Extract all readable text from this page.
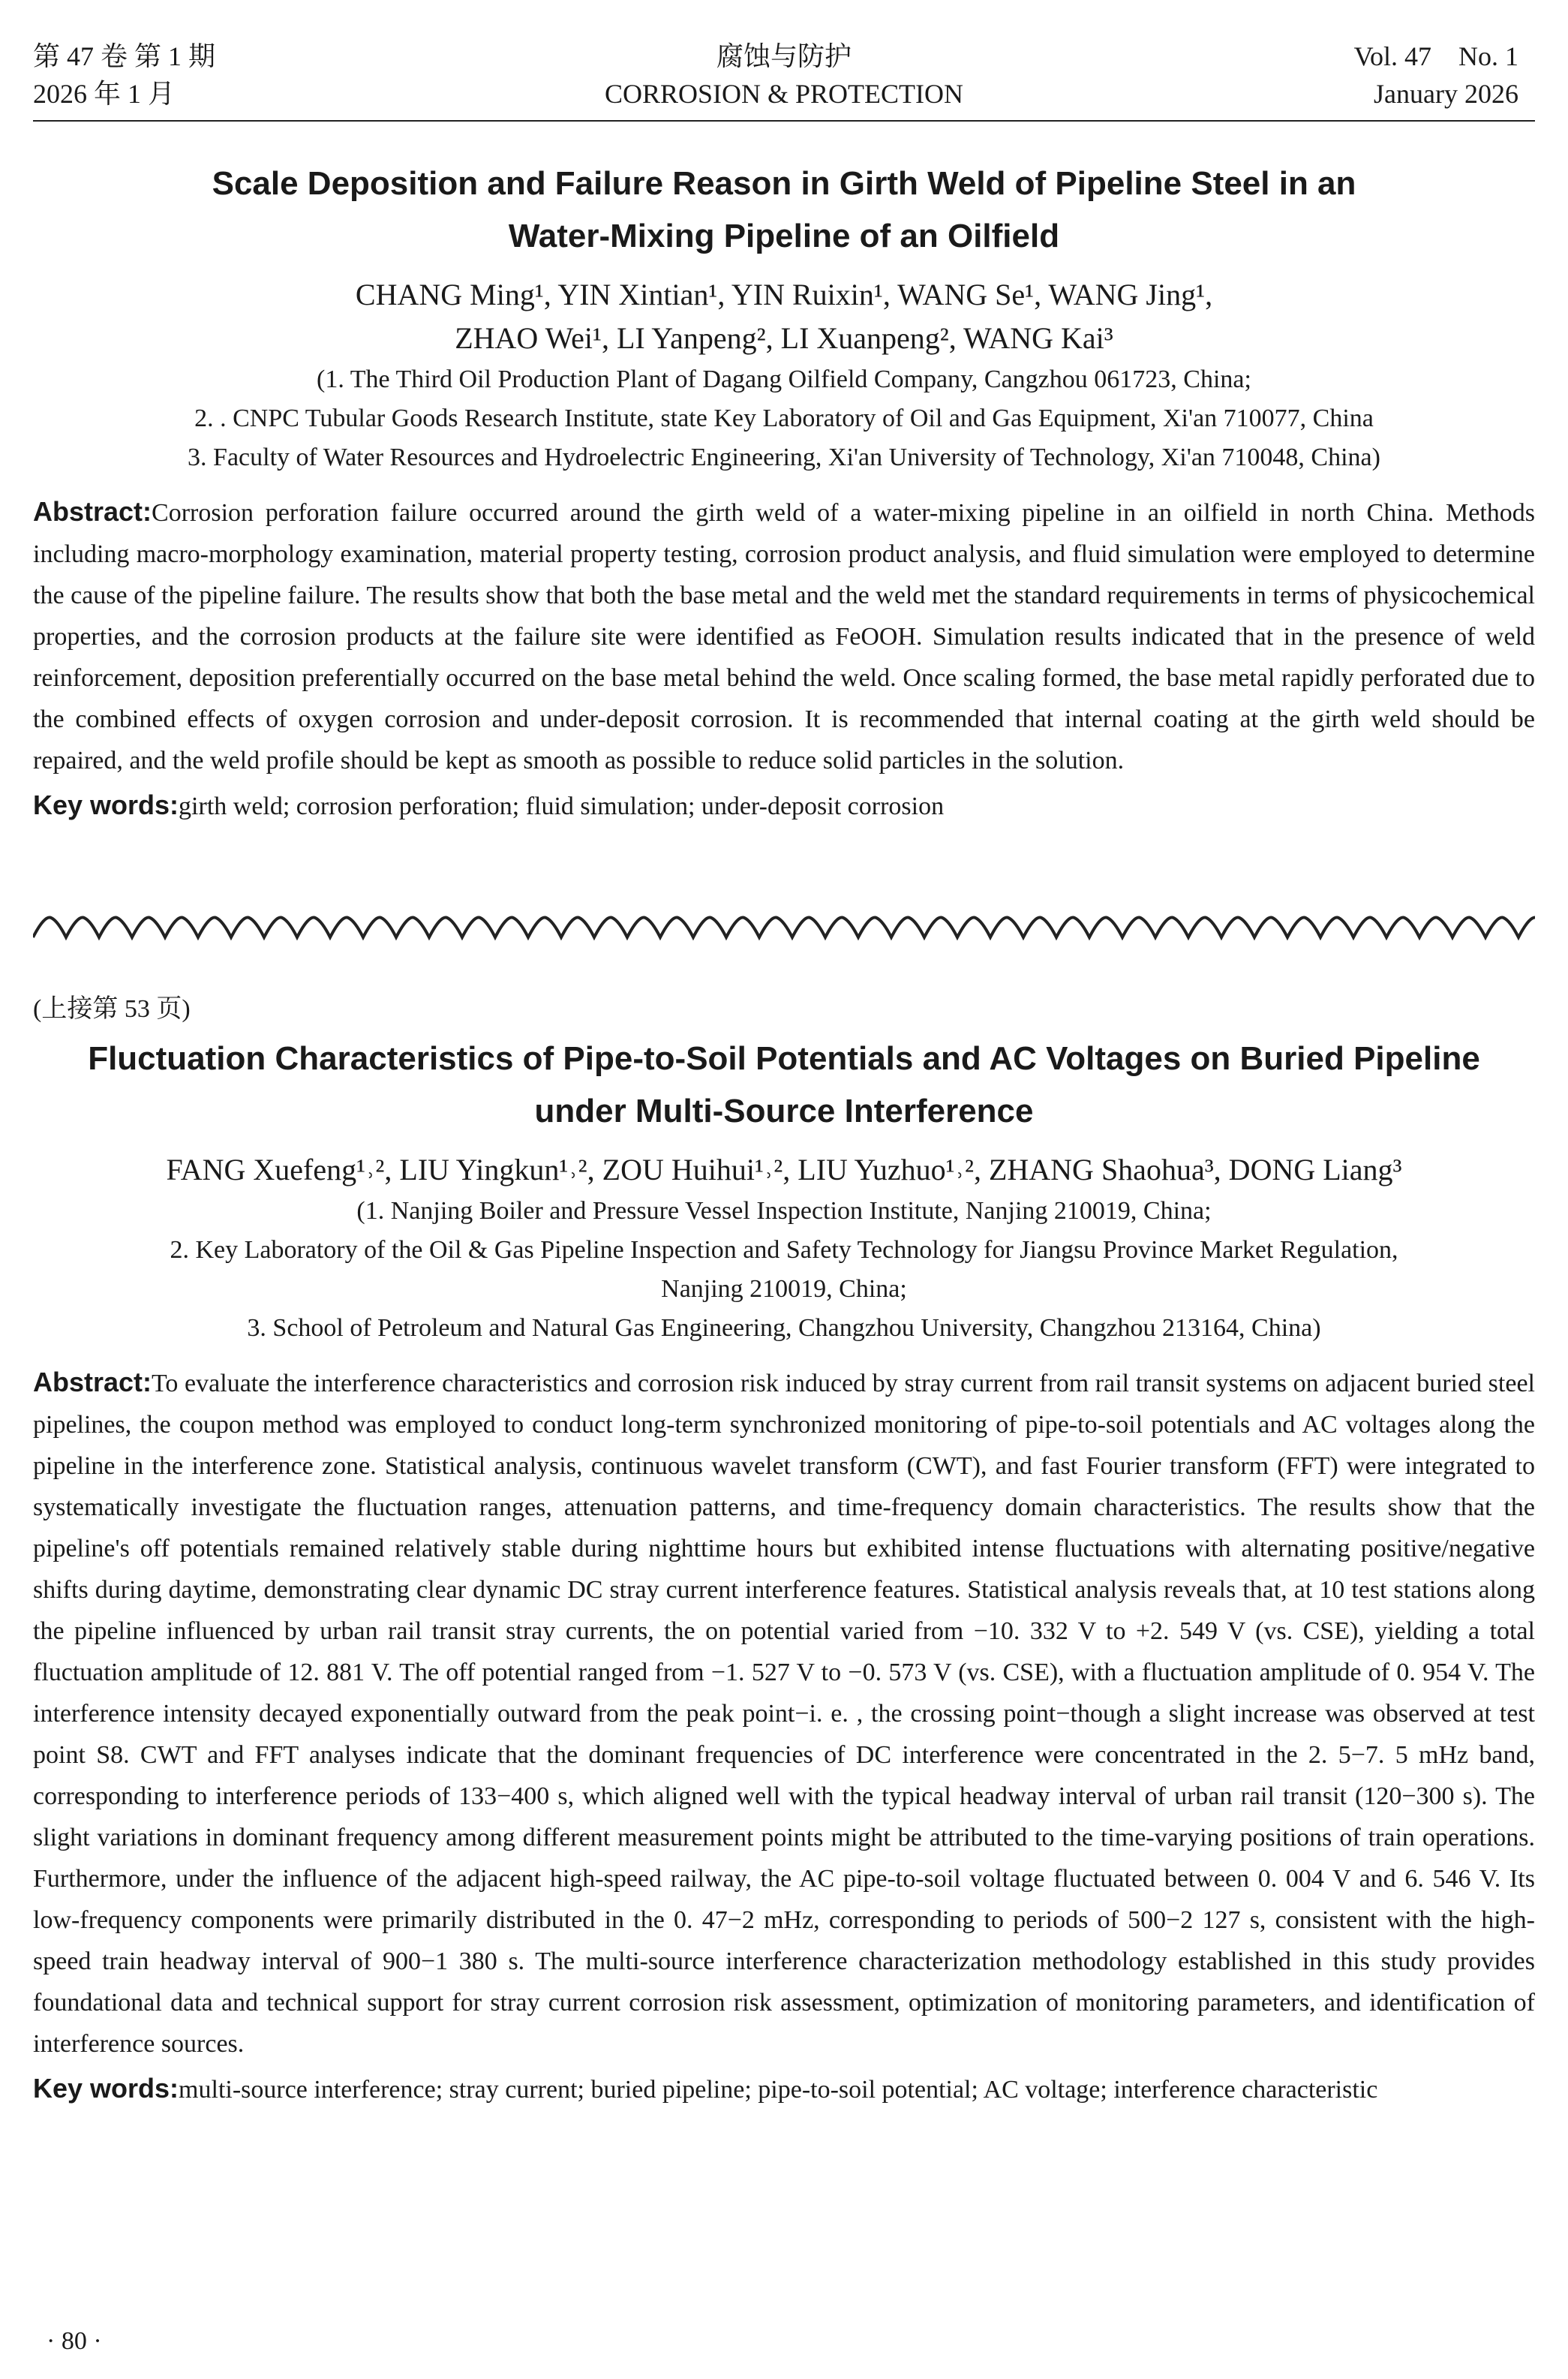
第 47 卷 第 1 期
2026 年 1 月
腐蚀与防护
CORROSION & PROTECTION
Vol. 47    No. 1
January 2026
Scale Deposition and Failure Reason in Girth Weld of Pipeline Steel in an
Water-Mixing Pipeline of an Oilfield
CHANG Ming¹, YIN Xintian¹, YIN Ruixin¹, WANG Se¹, WANG Jing¹,
ZHAO Wei¹, LI Yanpeng², LI Xuanpeng², WANG Kai³
(1. The Third Oil Production Plant of Dagang Oilfield Company, Cangzhou 061723, China;
2. . CNPC Tubular Goods Research Institute, state Key Laboratory of Oil and Gas Equipment, Xi'an 710077, China
3. Faculty of Water Resources and Hydroelectric Engineering, Xi'an University of Technology, Xi'an 710048, China)
Abstract:Corrosion perforation failure occurred around the girth weld of a water-mixing pipeline in an oilfield in north China. Methods including macro-morphology examination, material property testing, corrosion product analysis, and fluid simulation were employed to determine the cause of the pipeline failure. The results show that both the base metal and the weld met the standard requirements in terms of physicochemical properties, and the corrosion products at the failure site were identified as FeOOH. Simulation results indicated that in the presence of weld reinforcement, deposition preferentially occurred on the base metal behind the weld. Once scaling formed, the base metal rapidly perforated due to the combined effects of oxygen corrosion and under-deposit corrosion. It is recommended that internal coating at the girth weld should be repaired, and the weld profile should be kept as smooth as possible to reduce solid particles in the solution.
Key words:girth weld; corrosion perforation; fluid simulation; under-deposit corrosion
(上接第 53 页)
Fluctuation Characteristics of Pipe-to-Soil Potentials and AC Voltages on Buried Pipeline
under Multi-Source Interference
FANG Xuefeng¹˒², LIU Yingkun¹˒², ZOU Huihui¹˒², LIU Yuzhuo¹˒², ZHANG Shaohua³, DONG Liang³
(1. Nanjing Boiler and Pressure Vessel Inspection Institute, Nanjing 210019, China;
2. Key Laboratory of the Oil & Gas Pipeline Inspection and Safety Technology for Jiangsu Province Market Regulation,
Nanjing 210019, China;
3. School of Petroleum and Natural Gas Engineering, Changzhou University, Changzhou 213164, China)
Abstract:To evaluate the interference characteristics and corrosion risk induced by stray current from rail transit systems on adjacent buried steel pipelines, the coupon method was employed to conduct long-term synchronized monitoring of pipe-to-soil potentials and AC voltages along the pipeline in the interference zone. Statistical analysis, continuous wavelet transform (CWT), and fast Fourier transform (FFT) were integrated to systematically investigate the fluctuation ranges, attenuation patterns, and time-frequency domain characteristics. The results show that the pipeline's off potentials remained relatively stable during nighttime hours but exhibited intense fluctuations with alternating positive/negative shifts during daytime, demonstrating clear dynamic DC stray current interference features. Statistical analysis reveals that, at 10 test stations along the pipeline influenced by urban rail transit stray currents, the on potential varied from −10. 332 V to +2. 549 V (vs. CSE), yielding a total fluctuation amplitude of 12. 881 V. The off potential ranged from −1. 527 V to −0. 573 V (vs. CSE), with a fluctuation amplitude of 0. 954 V. The interference intensity decayed exponentially outward from the peak point−i. e. , the crossing point−though a slight increase was observed at test point S8. CWT and FFT analyses indicate that the dominant frequencies of DC interference were concentrated in the 2. 5−7. 5 mHz band, corresponding to interference periods of 133−400 s, which aligned well with the typical headway interval of urban rail transit (120−300 s). The slight variations in dominant frequency among different measurement points might be attributed to the time-varying positions of train operations. Furthermore, under the influence of the adjacent high-speed railway, the AC pipe-to-soil voltage fluctuated between 0. 004 V and 6. 546 V. Its low-frequency components were primarily distributed in the 0. 47−2 mHz, corresponding to periods of 500−2 127 s, consistent with the high-speed train headway interval of 900−1 380 s. The multi-source interference characterization methodology established in this study provides foundational data and technical support for stray current corrosion risk assessment, optimization of monitoring parameters, and identification of interference sources.
Key words:multi-source interference; stray current; buried pipeline; pipe-to-soil potential; AC voltage; interference characteristic
· 80 ·
